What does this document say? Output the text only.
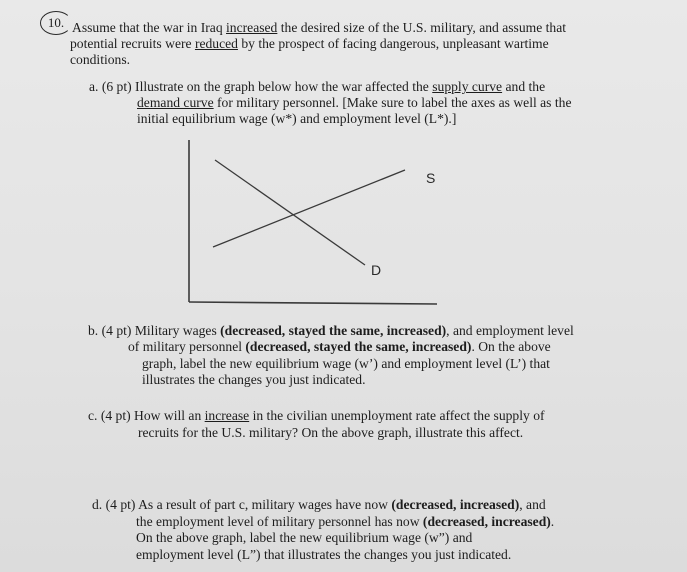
10. Assume that the war in Iraq increased the desired size of the U.S. military, and assume that
potential recruits were reduced by the prospect of facing dangerous, unpleasant wartime
conditions.
a. (6 pt) Illustrate on the graph below how the war affected the supply curve and the
demand curve for military personnel. [Make sure to label the axes as well as the
initial equilibrium wage (w*) and employment level (L*).]
S
D
b. (4 pt) Military wages (decreased, stayed the same, increased), and employment level
of military personnel (decreased, stayed the same, increased). On the above
graph, label the new equilibrium wage (w’) and employment level (L’) that
illustrates the changes you just indicated.
c. (4 pt) How will an increase in the civilian unemployment rate affect the supply of
recruits for the U.S. military? On the above graph, illustrate this affect.
d. (4 pt) As a result of part c, military wages have now (decreased, increased), and
the employment level of military personnel has now (decreased, increased).
On the above graph, label the new equilibrium wage (w”) and
employment level (L”) that illustrates the changes you just indicated.
